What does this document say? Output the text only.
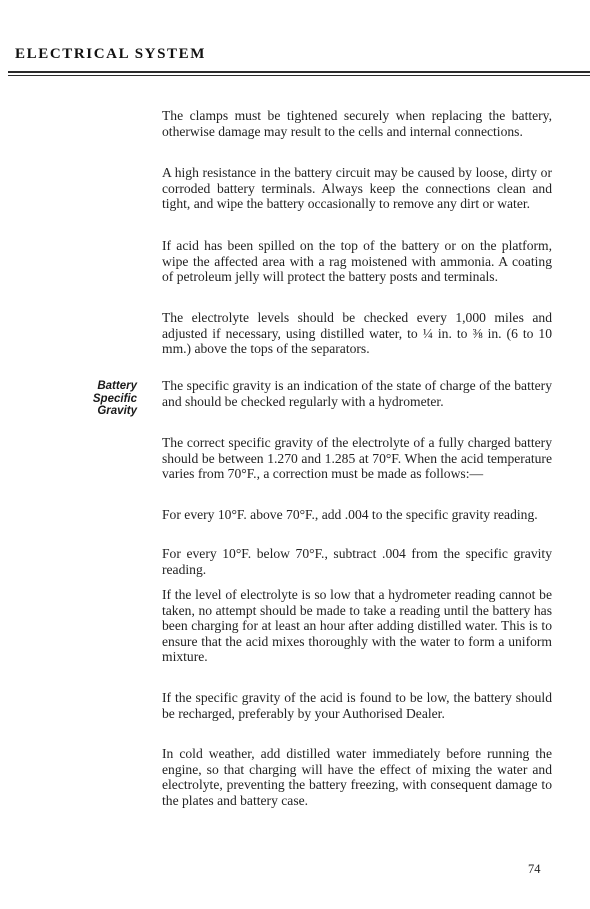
ELECTRICAL SYSTEM
Battery
Specific
Gravity

The clamps must be tightened securely when replacing the battery, otherwise damage may result to the cells and internal connections.

A high resistance in the battery circuit may be caused by loose, dirty or corroded battery terminals. Always keep the connections clean and tight, and wipe the battery occasionally to remove any dirt or water.

If acid has been spilled on the top of the battery or on the platform, wipe the affected area with a rag moistened with ammonia. A coating of petroleum jelly will protect the battery posts and terminals.

The electrolyte levels should be checked every 1,000 miles and adjusted if necessary, using distilled water, to ¼ in. to ⅜ in. (6 to 10 mm.) above the tops of the separators.

The specific gravity is an indication of the state of charge of the battery and should be checked regularly with a hydrometer.

The correct specific gravity of the electrolyte of a fully charged battery should be between 1.270 and 1.285 at 70°F. When the acid temperature varies from 70°F., a correction must be made as follows:—

For every 10°F. above 70°F., add .004 to the specific gravity reading.

For every 10°F. below 70°F., subtract .004 from the specific gravity reading.

If the level of electrolyte is so low that a hydrometer reading cannot be taken, no attempt should be made to take a reading until the battery has been charging for at least an hour after adding distilled water. This is to ensure that the acid mixes thoroughly with the water to form a uniform mixture.

If the specific gravity of the acid is found to be low, the battery should be recharged, preferably by your Authorised Dealer.

In cold weather, add distilled water immediately before running the engine, so that charging will have the effect of mixing the water and electrolyte, preventing the battery freezing, with consequent damage to the plates and battery case.

74
